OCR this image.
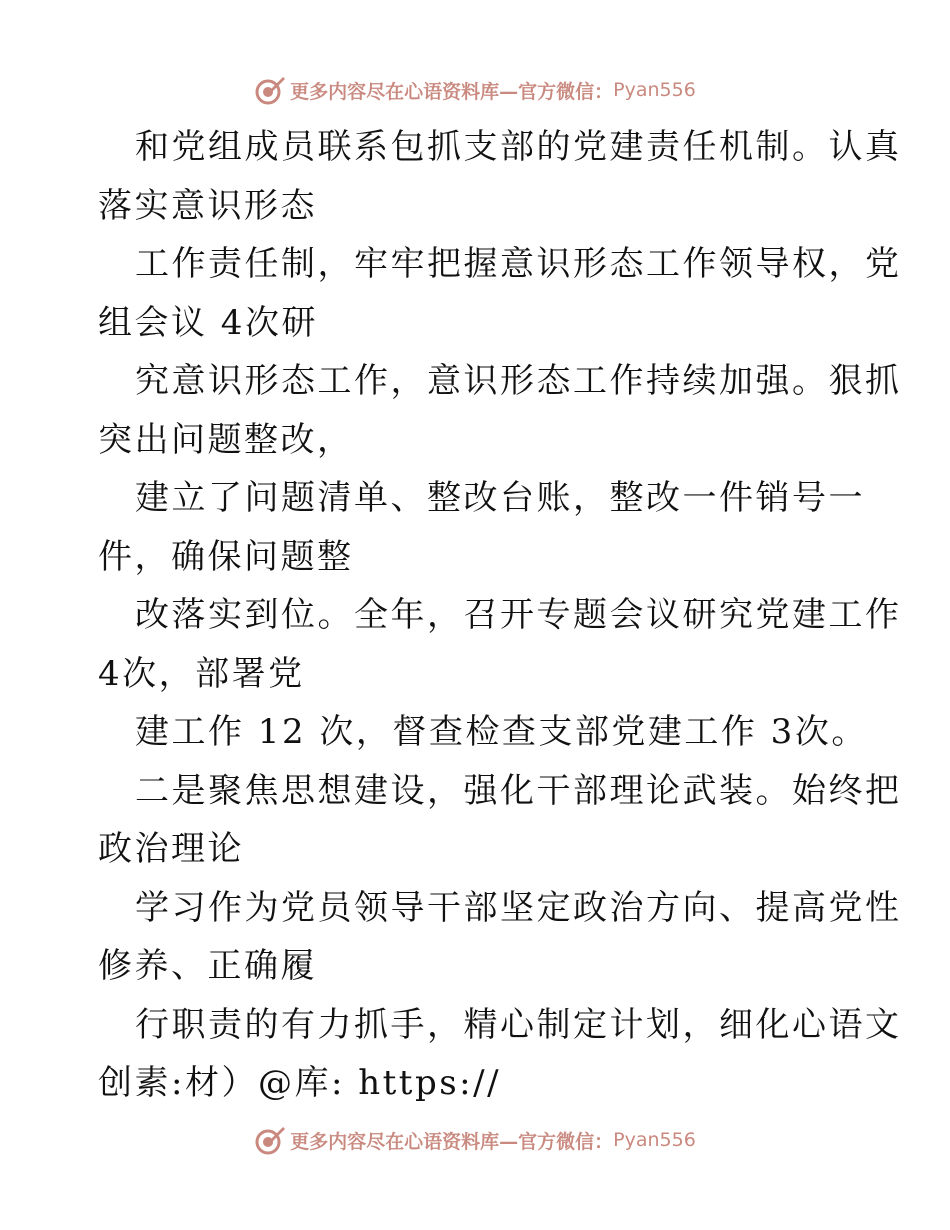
更多内容尽在心语资料库—官方微信： Pyan556
和党组成员联系包抓支部的党建责任机制。认真
落实意识形态
工作责任制，牢牢把握意识形态工作领导权，党
组会议 4次研
究意识形态工作，意识形态工作持续加强。狠抓
突出问题整改，
建立了问题清单、整改台账，整改一件销号一
件，确保问题整
改落实到位。全年，召开专题会议研究党建工作
4次，部署党
建工作 12 次，督查检查支部党建工作 3次。
二是聚焦思想建设，强化干部理论武装。始终把
政治理论
学习作为党员领导干部坚定政治方向、提高党性
修养、正确履
行职责的有力抓手，精心制定计划，细化心语文
创素:材）@库: https://
更多内容尽在心语资料库—官方微信： Pyan556
